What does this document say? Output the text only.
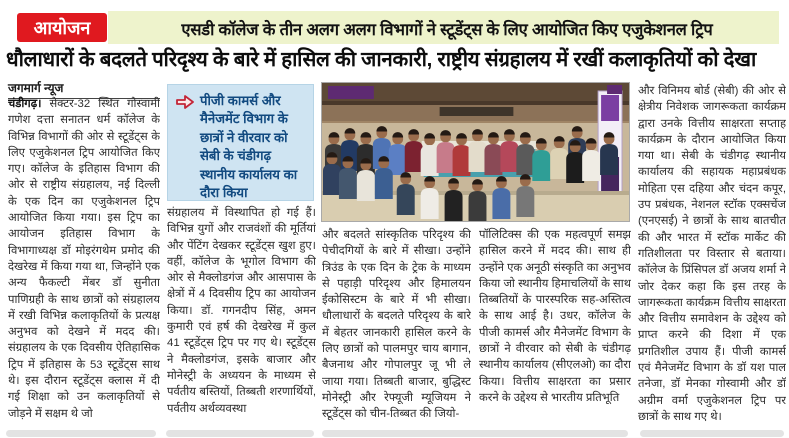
आयोजन	एसडी कॉलेज के तीन अलग अलग विभागों ने स्टूडेंट्स के लिए आयोजित किए एजुकेशनल ट्रिप
धौलाधारों के बदलते परिदृश्य के बारे में हासिल की जानकारी, राष्ट्रीय संग्रहालय में रखीं कलाकृतियों को देखा
जगमार्ग न्यूज
चंडीगढ़। सेक्टर-32 स्थित गोस्वामी गणेश दत्ता सनातन धर्म कॉलेज के विभिन्न विभागों की ओर से स्टूडेंट्स के लिए एजुकेशनल ट्रिप आयोजित किए गए। कॉलेज के इतिहास विभाग की ओर से राष्ट्रीय संग्रहालय, नई दिल्ली के एक दिन का एजुकेशनल ट्रिप आयोजित किया गया। इस ट्रिप का आयोजन इतिहास विभाग के विभागाध्यक्ष डॉ मोइरंगथेम प्रमोद की देखरेख में किया गया था, जिन्होंने एक अन्य फैकल्टी मेंबर डॉ सुनीता पाणिग्रही के साथ छात्रों को संग्रहालय में रखी विभिन्न कलाकृतियों के प्रत्यक्ष अनुभव को देखने में मदद की। संग्रहालय के एक दिवसीय ऐतिहासिक ट्रिप में इतिहास के 53 स्टूडेंट्स साथ थे। इस दौरान स्टूडेंट्स क्लास में दी गई शिक्षा को उन कलाकृतियों से जोड़ने में सक्षम थे जो
पीजी कामर्स और मैनेजमेंट विभाग के छात्रों ने वीरवार को सेबी के चंडीगढ़ स्थानीय कार्यालय का दौरा किया
संग्रहालय में विस्थापित हो गई हैं। विभिन्न युगों और राजवंशों की मूर्तियां और पेंटिंग देखकर स्टूडेंट्स खुश हुए। वहीं, कॉलेज के भूगोल विभाग की ओर से मैक्लोडगंज और आसपास के क्षेत्रों में 4 दिवसीय ट्रिप का आयोजन किया। डॉ. गगनदीप सिंह, अमन कुमारी एवं हर्ष की देखरेख में कुल 41 स्टूडेंट्स ट्रिप पर गए थे। स्टूडेंट्स ने मैक्लोडगंज, इसके बाजार और मोनेस्ट्री के अध्ययन के माध्यम से पर्वतीय बस्तियों, तिब्बती शरणार्थियों, पर्वतीय अर्थव्यवस्था
और बदलते सांस्कृतिक परिदृश्य की पेचीदगियों के बारे में सीखा। उन्होंने त्रिउंड के एक दिन के ट्रेक के माध्यम से पहाड़ी परिदृश्य और हिमालयन ईकोसिस्टम के बारे में भी सीखा। धौलाधारों के बदलते परिदृश्य के बारे में बेहतर जानकारी हासिल करने के लिए छात्रों को पालमपुर चाय बागान, बैजनाथ और गोपालपुर जू भी ले जाया गया। तिब्बती बाजार, बुद्धिस्ट मोनेस्ट्री और रेफ्यूजी म्यूजियम ने स्टूडेंट्स को चीन-तिब्बत की जियो-
पॉलिटिक्स की एक महत्वपूर्ण समझ हासिल करने में मदद की। साथ ही उन्होंने एक अनूठी संस्कृति का अनुभव किया जो स्थानीय हिमाचलियों के साथ तिब्बतियों के पारस्परिक सह-अस्तित्व के साथ आई है। उधर, कॉलेज के पीजी कामर्स और मैनेजमेंट विभाग के छात्रों ने वीरवार को सेबी के चंडीगढ़ स्थानीय कार्यालय (सीएलओ) का दौरा किया। वित्तीय साक्षरता का प्रसार करने के उद्देश्य से भारतीय प्रतिभूति
और विनिमय बोर्ड (सेबी) की ओर से क्षेत्रीय निवेशक जागरूकता कार्यक्रम द्वारा उनके वित्तीय साक्षरता सप्ताह कार्यक्रम के दौरान आयोजित किया गया था। सेबी के चंडीगढ़ स्थानीय कार्यालय की सहायक महाप्रबंधक मोहिता एस दहिया और चंदन कपूर, उप प्रबंधक, नेशनल स्टॉक एक्सचेंज (एनएसई) ने छात्रों के साथ बातचीत की और भारत में स्टॉक मार्केट की गतिशीलता पर विस्तार से बताया। कॉलेज के प्रिंसिपल डॉ अजय शर्मा ने जोर देकर कहा कि इस तरह के जागरूकता कार्यक्रम वित्तीय साक्षरता और वित्तीय समावेशन के उद्देश्य को प्राप्त करने की दिशा में एक प्रगतिशील उपाय हैं। पीजी कामर्स एवं मैनेजमेंट विभाग के डॉ यश पाल तनेजा, डॉ मेनका गोस्वामी और डॉ अग्रीम वर्मा एजुकेशनल ट्रिप पर छात्रों के साथ गए थे।
